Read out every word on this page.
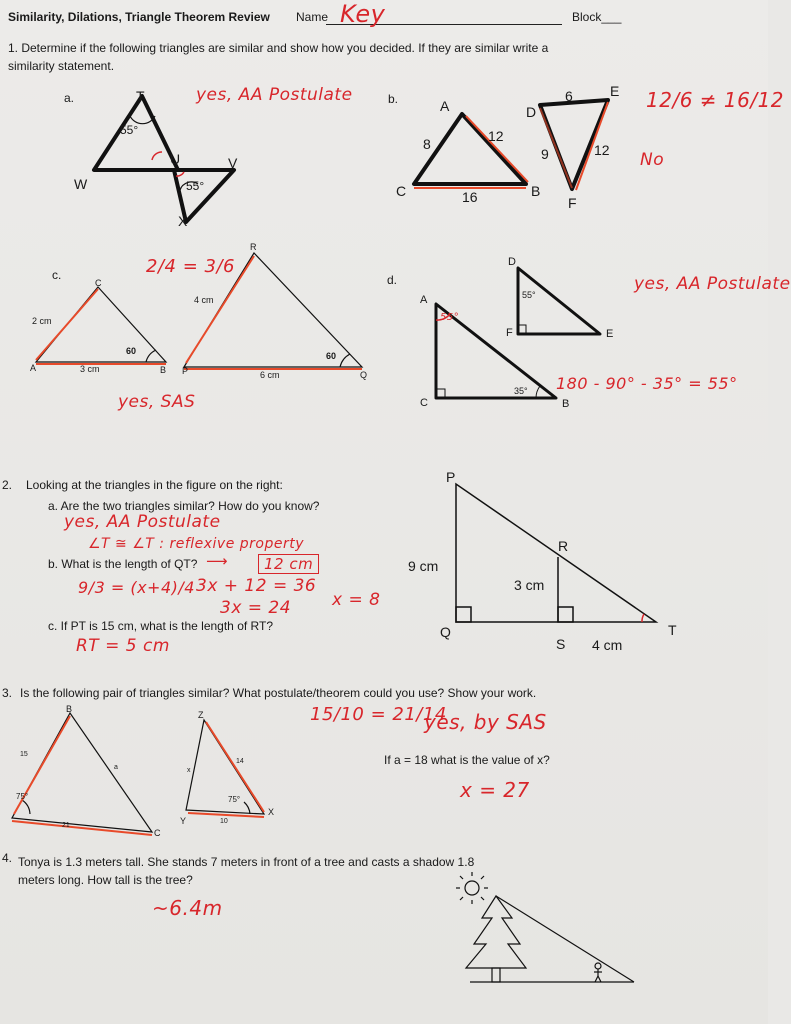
Similarity, Dilations, Triangle Theorem Review Name Key	Block___
1. Determine if the following triangles are similar and show how you decided. If they are similar write a
similarity statement.
a.	T
U	V
W
X
55°
55°
yes, AA Postulate	b.	A
B
C
D
E
F
8	12
16
6
9	12
12/6 ≠ 16/12
No
c.
A	B
C
P	Q
R
2 cm
3 cm
4 cm
6 cm
60	60
2/4 = 3/6
yes, SAS
d.
A
B
C
D
E
F
55°
35°
55°
180 - 90° - 35° = 55°
yes, AA Postulate
2. Looking at the triangles in the figure on the right:
a. Are the two triangles similar? How do you know?
yes, AA Postulate
∠T ≅ ∠T : reflexive property
b. What is the length of QT? ⟶	12 cm
9/3 = (x+4)/4 3x + 12 = 36
3x = 24 x = 8
c. If PT is 15 cm, what is the length of RT?
RT = 5 cm
P
Q
R
S
T
9 cm
3 cm
4 cm
3. Is the following pair of triangles similar? What postulate/theorem could you use? Show your work.
15/10 = 21/14
yes, by SAS
If a = 18 what is the value of x?
x = 27
B
C
15
a
21
75°
Z
Y
X
14
x
10
75°
4. Tonya is 1.3 meters tall. She stands 7 meters in front of a tree and casts a shadow 1.8
meters long. How tall is the tree?
~6.4m
